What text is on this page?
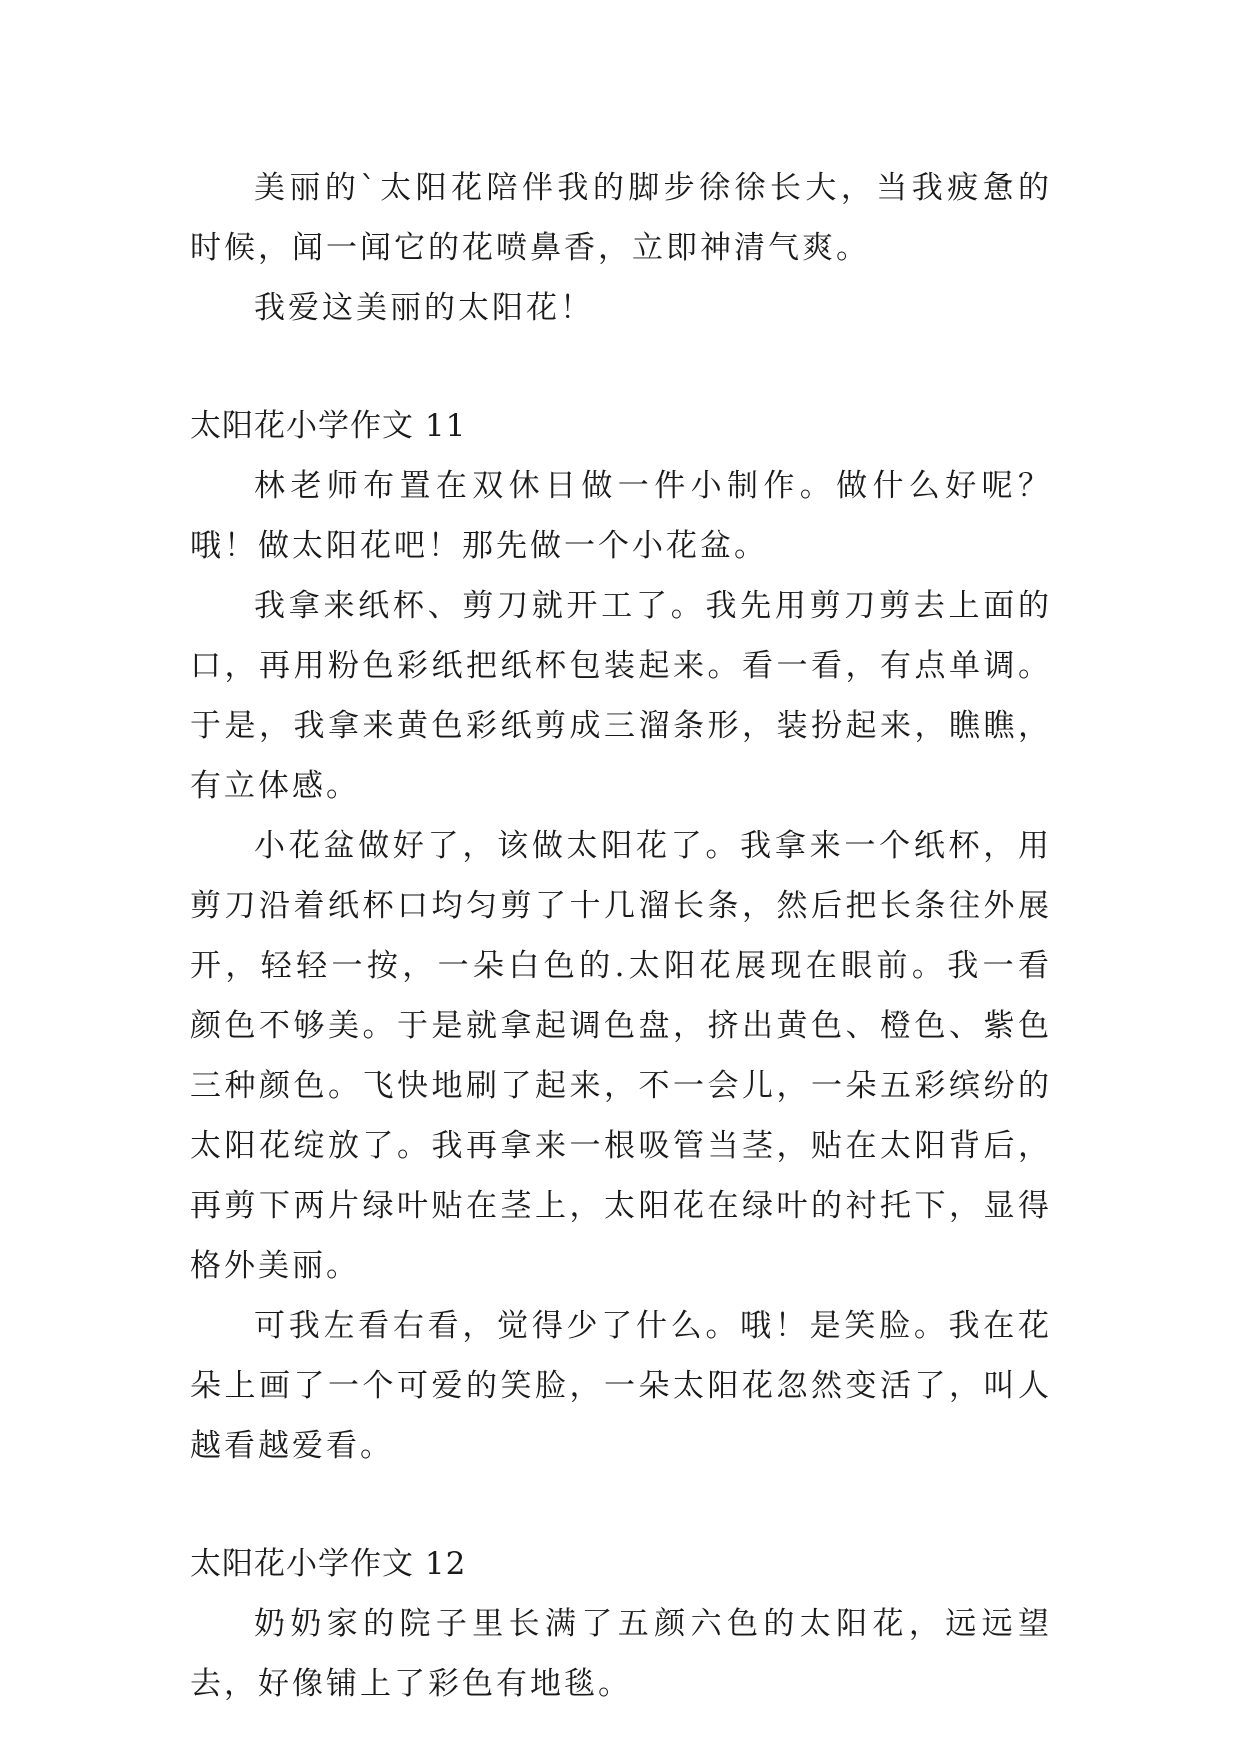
美丽的`太阳花陪伴我的脚步徐徐长大，当我疲惫的时候，闻一闻它的花喷鼻香，立即神清气爽。

我爱这美丽的太阳花！

太阳花小学作文 11

林老师布置在双休日做一件小制作。做什么好呢？哦！做太阳花吧！那先做一个小花盆。

我拿来纸杯、剪刀就开工了。我先用剪刀剪去上面的口，再用粉色彩纸把纸杯包装起来。看一看，有点单调。于是，我拿来黄色彩纸剪成三溜条形，装扮起来，瞧瞧，有立体感。

小花盆做好了，该做太阳花了。我拿来一个纸杯，用剪刀沿着纸杯口均匀剪了十几溜长条，然后把长条往外展开，轻轻一按，一朵白色的.太阳花展现在眼前。我一看颜色不够美。于是就拿起调色盘，挤出黄色、橙色、紫色三种颜色。飞快地刷了起来，不一会儿，一朵五彩缤纷的太阳花绽放了。我再拿来一根吸管当茎，贴在太阳背后，再剪下两片绿叶贴在茎上，太阳花在绿叶的衬托下，显得格外美丽。

可我左看右看，觉得少了什么。哦！是笑脸。我在花朵上画了一个可爱的笑脸，一朵太阳花忽然变活了，叫人越看越爱看。

太阳花小学作文 12

奶奶家的院子里长满了五颜六色的太阳花，远远望去，好像铺上了彩色有地毯。
